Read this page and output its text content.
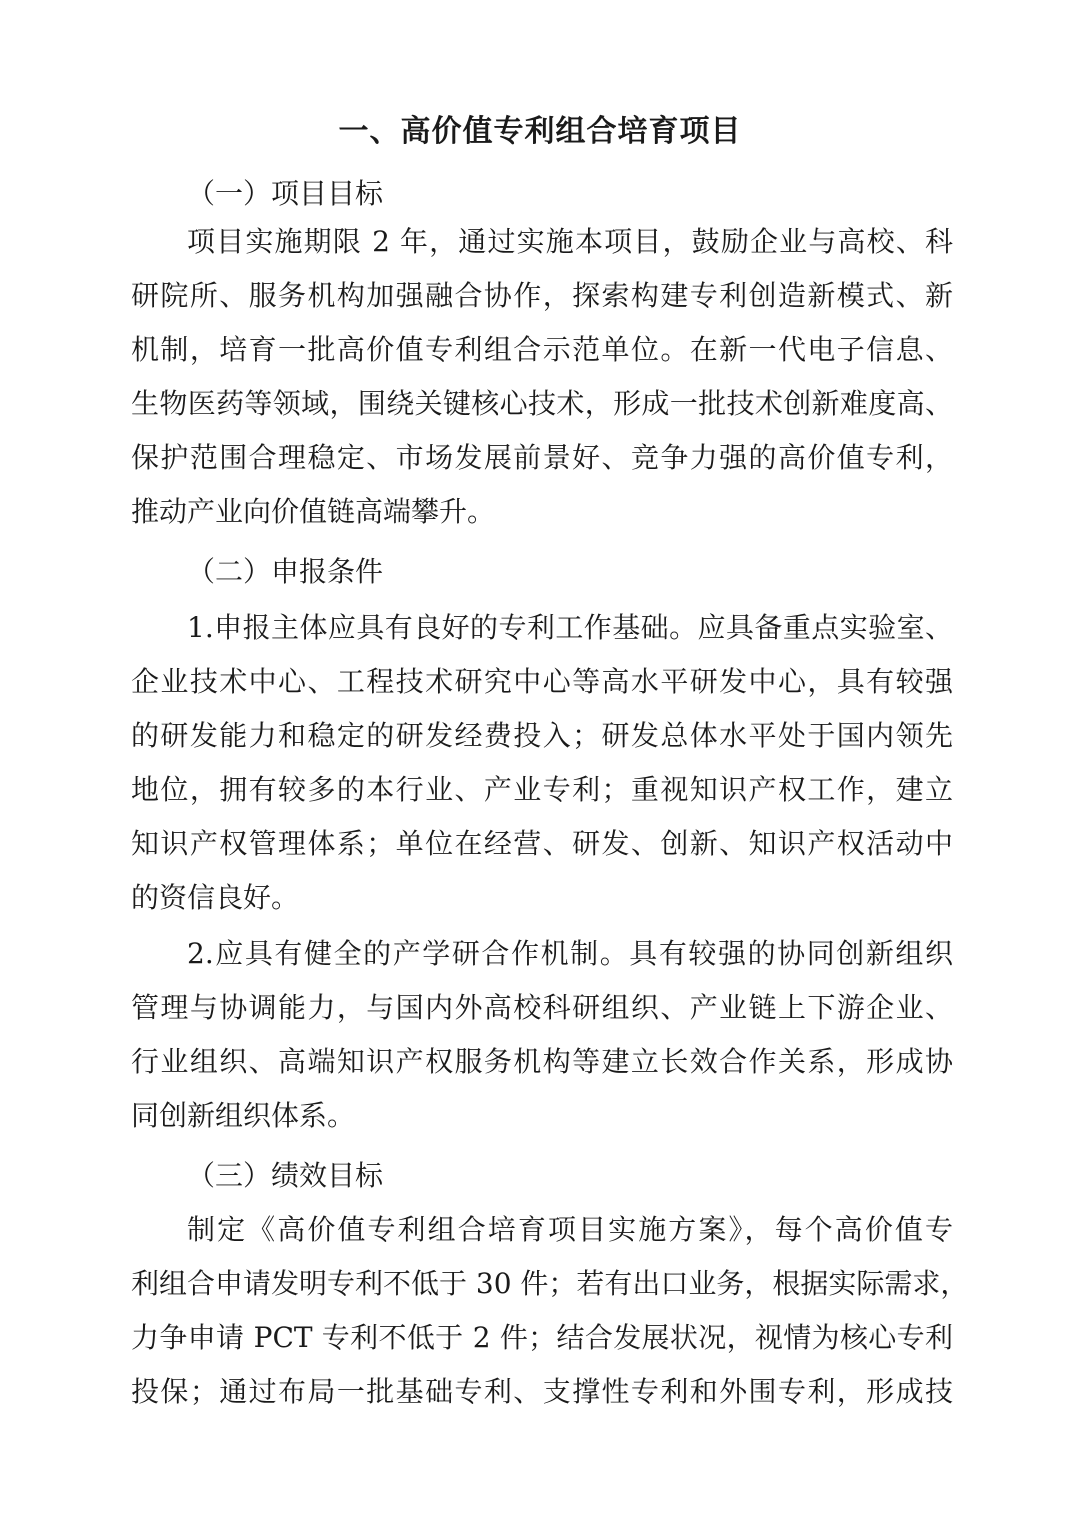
一、高价值专利组合培育项目

（一）项目目标

项目实施期限 2 年，通过实施本项目，鼓励企业与高校、科

研院所、服务机构加强融合协作，探索构建专利创造新模式、新

机制，培育一批高价值专利组合示范单位。在新一代电子信息、

生物医药等领域，围绕关键核心技术，形成一批技术创新难度高、

保护范围合理稳定、市场发展前景好、竞争力强的高价值专利，

推动产业向价值链高端攀升。

（二）申报条件

1.申报主体应具有良好的专利工作基础。应具备重点实验室、

企业技术中心、工程技术研究中心等高水平研发中心，具有较强

的研发能力和稳定的研发经费投入；研发总体水平处于国内领先

地位，拥有较多的本行业、产业专利；重视知识产权工作，建立

知识产权管理体系；单位在经营、研发、创新、知识产权活动中

的资信良好。

2.应具有健全的产学研合作机制。具有较强的协同创新组织

管理与协调能力，与国内外高校科研组织、产业链上下游企业、

行业组织、高端知识产权服务机构等建立长效合作关系，形成协

同创新组织体系。

（三）绩效目标

制定《高价值专利组合培育项目实施方案》，每个高价值专

利组合申请发明专利不低于 30 件；若有出口业务，根据实际需求，

力争申请 PCT 专利不低于 2 件；结合发展状况，视情为核心专利

投保；通过布局一批基础专利、支撑性专利和外围专利，形成技
